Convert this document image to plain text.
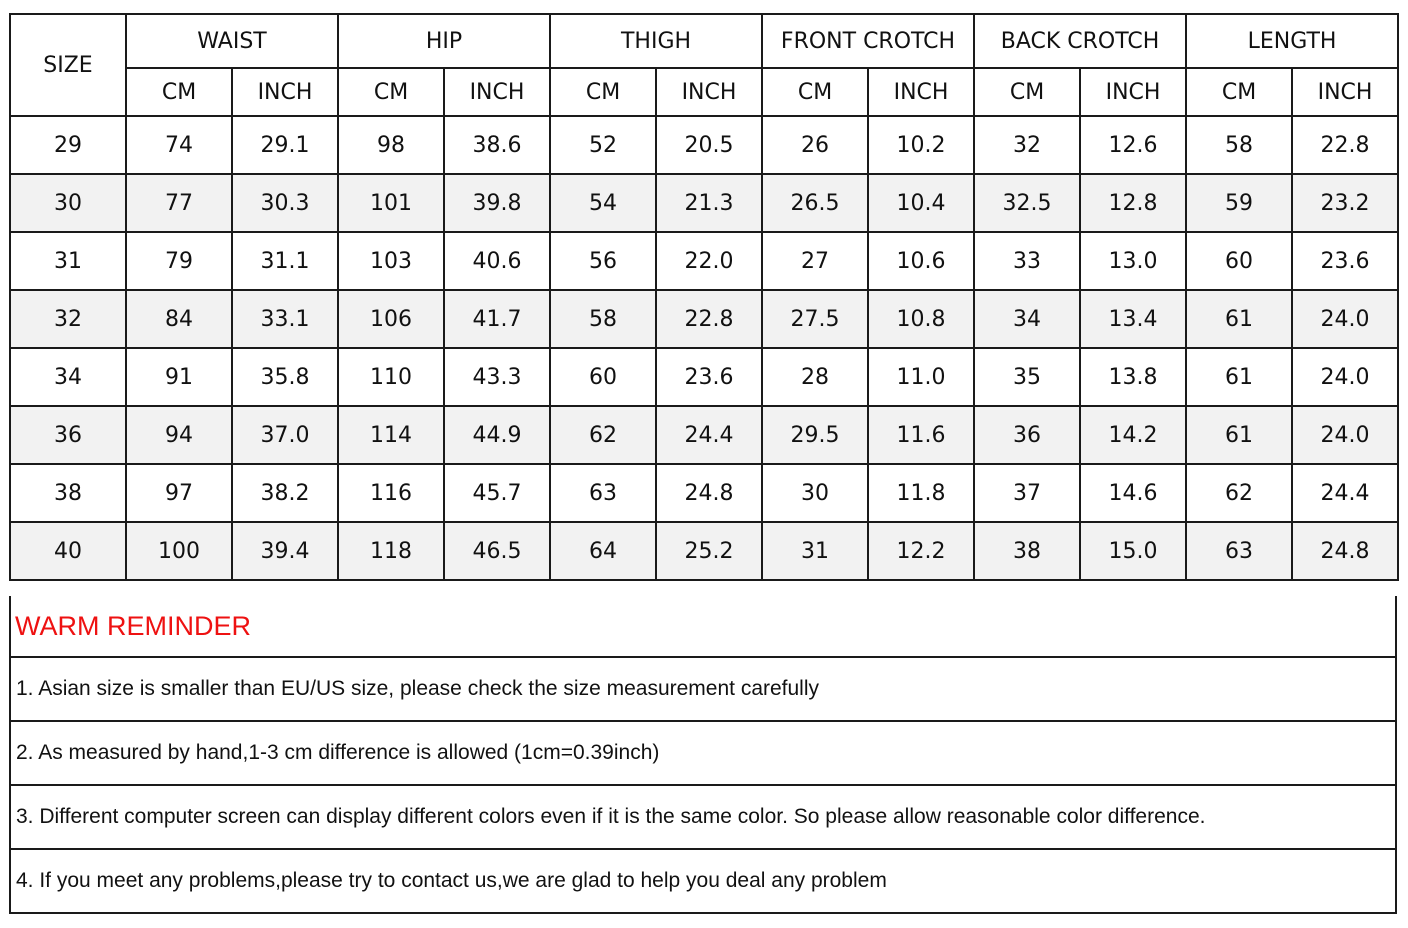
SIZE	WAIST		HIP		THIGH		FRONT CROTCH		BACK CROTCH		LENGTH	
	CM	INCH	CM	INCH	CM	INCH	CM	INCH	CM	INCH	CM	INCH
29	74	29.1	98	38.6	52	20.5	26	10.2	32	12.6	58	22.8
30	77	30.3	101	39.8	54	21.3	26.5	10.4	32.5	12.8	59	23.2
31	79	31.1	103	40.6	56	22.0	27	10.6	33	13.0	60	23.6
32	84	33.1	106	41.7	58	22.8	27.5	10.8	34	13.4	61	24.0
34	91	35.8	110	43.3	60	23.6	28	11.0	35	13.8	61	24.0
36	94	37.0	114	44.9	62	24.4	29.5	11.6	36	14.2	61	24.0
38	97	38.2	116	45.7	63	24.8	30	11.8	37	14.6	62	24.4
40	100	39.4	118	46.5	64	25.2	31	12.2	38	15.0	63	24.8
WARM REMINDER
1. Asian size is smaller than EU/US size, please check the size measurement carefully
2. As measured by hand,1-3 cm difference is allowed (1cm=0.39inch)
3. Different computer screen can display different colors even if it is the same color. So please allow reasonable color difference.
4. If you meet any problems,please try to contact us,we are glad to help you deal any problem
